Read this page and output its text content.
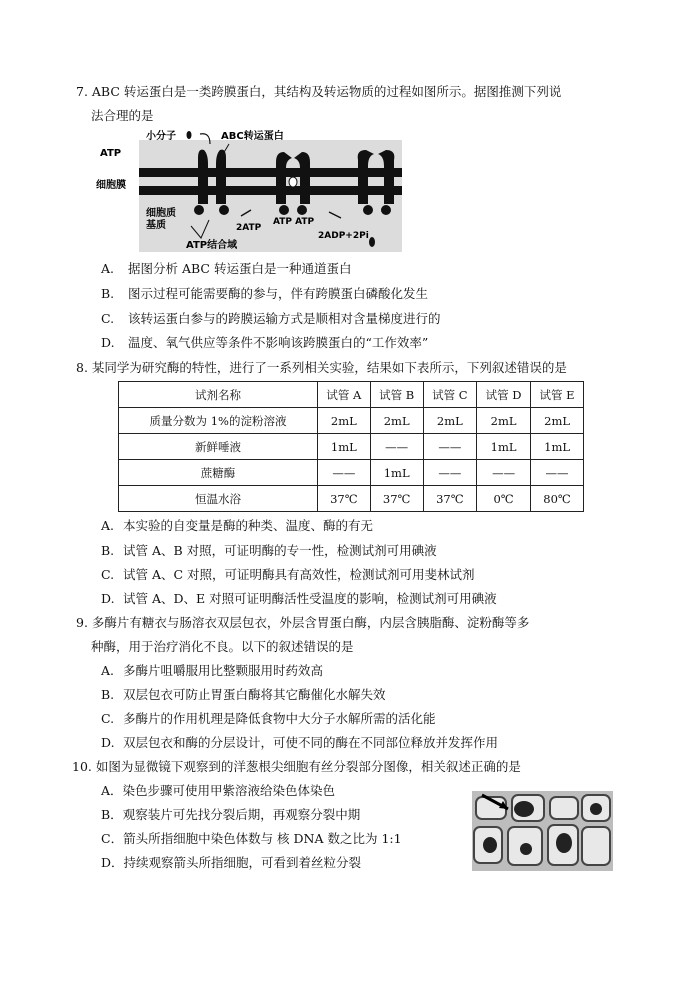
7. ABC 转运蛋白是一类跨膜蛋白，其结构及转运物质的过程如图所示。据图推测下列说
法合理的是
小分子	ABC转运蛋白
ATP
细胞膜
细胞质
基质	2ATP
ATP ATP
2ADP+2Pi
ATP结合域
A. 据图分析 ABC 转运蛋白是一种通道蛋白
B. 图示过程可能需要酶的参与，伴有跨膜蛋白磷酸化发生
C. 该转运蛋白参与的跨膜运输方式是顺相对含量梯度进行的
D. 温度、氧气供应等条件不影响该跨膜蛋白的“工作效率”
8. 某同学为研究酶的特性，进行了一系列相关实验，结果如下表所示，下列叙述错误的是
试剂名称	试管 A	试管 B	试管 C	试管 D	试管 E
质量分数为 1%的淀粉溶液	2mL	2mL	2mL	2mL	2mL
新鲜唾液	1mL	——	——	1mL	1mL
蔗糖酶	——	1mL	——	——	——
恒温水浴	37℃	37℃	37℃	0℃	80℃
A. 本实验的自变量是酶的种类、温度、酶的有无
B. 试管 A、B 对照，可证明酶的专一性，检测试剂可用碘液
C. 试管 A、C 对照，可证明酶具有高效性，检测试剂可用斐林试剂
D. 试管 A、D、E 对照可证明酶活性受温度的影响，检测试剂可用碘液
9. 多酶片有糖衣与肠溶衣双层包衣，外层含胃蛋白酶，内层含胰脂酶、淀粉酶等多
种酶，用于治疗消化不良。以下的叙述错误的是
A. 多酶片咀嚼服用比整颗服用时药效高
B. 双层包衣可防止胃蛋白酶将其它酶催化水解失效
C. 多酶片的作用机理是降低食物中大分子水解所需的活化能
D. 双层包衣和酶的分层设计，可使不同的酶在不同部位释放并发挥作用
10. 如图为显微镜下观察到的洋葱根尖细胞有丝分裂部分图像，相关叙述正确的是
A．染色步骤可使用甲紫溶液给染色体染色
B．观察装片可先找分裂后期，再观察分裂中期
C．箭头所指细胞中染色体数与 核 DNA 数之比为 1:1
D．持续观察箭头所指细胞，可看到着丝粒分裂
